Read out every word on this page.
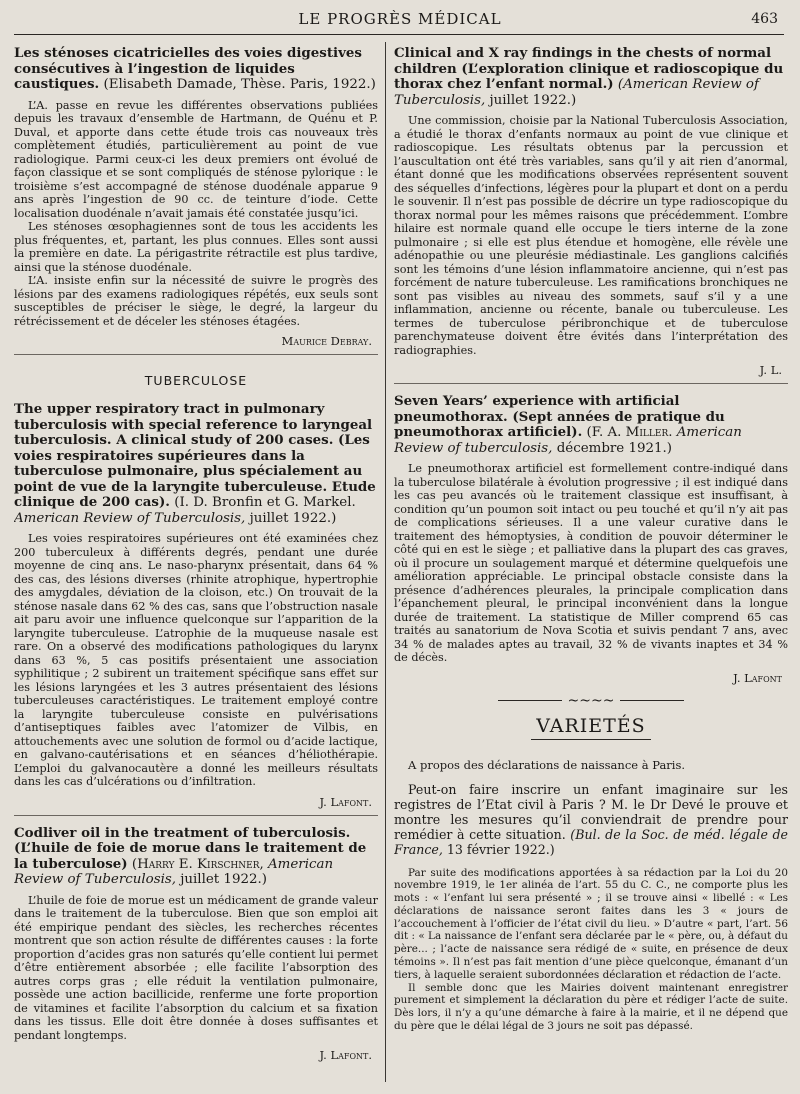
LE PROGRÈS MÉDICAL	463
Les sténoses cicatricielles des voies digestives consécutives à l’ingestion de liquides caustiques. (Elisabeth Damade, Thèse. Paris, 1922.)

L’A. passe en revue les différentes observations publiées depuis les travaux d’ensemble de Hartmann, de Quénu et P. Duval, et apporte dans cette étude trois cas nouveaux très complètement étudiés, particulièrement au point de vue radiologique. Parmi ceux-ci les deux premiers ont évolué de façon classique et se sont compliqués de sténose pylorique : le troisième s’est accompagné de sténose duodénale apparue 9 ans après l’ingestion de 90 cc. de teinture d’iode. Cette localisation duodénale n’avait jamais été constatée jusqu’ici.

Les sténoses œsophagiennes sont de tous les accidents les plus fréquentes, et, partant, les plus connues. Elles sont aussi la première en date. La périgastrite rétractile est plus tardive, ainsi que la sténose duodénale.

L’A. insiste enfin sur la nécessité de suivre le progrès des lésions par des examens radiologiques répétés, eux seuls sont susceptibles de préciser le siège, le degré, la largeur du rétrécissement et de déceler les sténoses étagées.

Maurice Debray.
TUBERCULOSE
The upper respiratory tract in pulmonary tuberculosis with special reference to laryngeal tuberculosis. A clinical study of 200 cases. (Les voies respiratoires supérieures dans la tuberculose pulmonaire, plus spécialement au point de vue de la laryngite tuberculeuse. Etude clinique de 200 cas). (I. D. Bronfin et G. Markel. American Review of Tuberculosis, juillet 1922.)

Les voies respiratoires supérieures ont été examinées chez 200 tuberculeux à différents degrés, pendant une durée moyenne de cinq ans. Le naso-pharynx présentait, dans 64 % des cas, des lésions diverses (rhinite atrophique, hypertrophie des amygdales, déviation de la cloison, etc.) On trouvait de la sténose nasale dans 62 % des cas, sans que l’obstruction nasale ait paru avoir une influence quelconque sur l’apparition de la laryngite tuberculeuse. L’atrophie de la muqueuse nasale est rare. On a observé des modifications pathologiques du larynx dans 63 %, 5 cas positifs présentaient une association syphilitique ; 2 subirent un traitement spécifique sans effet sur les lésions laryngées et les 3 autres présentaient des lésions tuberculeuses caractéristiques. Le traitement employé contre la laryngite tuberculeuse consiste en pulvérisations d’antiseptiques faibles avec l’atomizer de Vilbis, en attouchements avec une solution de formol ou d’acide lactique, en galvano-cautérisations et en séances d’héliothérapie. L’emploi du galvanocautère a donné les meilleurs résultats dans les cas d’ulcérations ou d’infiltration.

J. Lafont.
Codliver oil in the treatment of tuberculosis. (L’huile de foie de morue dans le traitement de la tuberculose) (Harry E. Kirschner, American Review of Tuberculosis, juillet 1922.)

L’huile de foie de morue est un médicament de grande valeur dans le traitement de la tuberculose. Bien que son emploi ait été empirique pendant des siècles, les recherches récentes montrent que son action résulte de différentes causes : la forte proportion d’acides gras non saturés qu’elle contient lui permet d’être entièrement absorbée ; elle facilite l’absorption des autres corps gras ; elle réduit la ventilation pulmonaire, possède une action bacillicide, renferme une forte proportion de vitamines et facilite l’absorption du calcium et sa fixation dans les tissus. Elle doit être donnée à doses suffisantes et pendant longtemps.

J. Lafont.
Clinical and X ray findings in the chests of normal children (L’exploration clinique et radioscopique du thorax chez l’enfant normal.) (American Review of Tuberculosis, juillet 1922.)

Une commission, choisie par la National Tuberculosis Association, a étudié le thorax d’enfants normaux au point de vue clinique et radioscopique. Les résultats obtenus par la percussion et l’auscultation ont été très variables, sans qu’il y ait rien d’anormal, étant donné que les modifications observées représentent souvent des séquelles d’infections, légères pour la plupart et dont on a perdu le souvenir. Il n’est pas possible de décrire un type radioscopique du thorax normal pour les mêmes raisons que précédemment. L’ombre hilaire est normale quand elle occupe le tiers interne de la zone pulmonaire ; si elle est plus étendue et homogène, elle révèle une adénopathie ou une pleurésie médiastinale. Les ganglions calcifiés sont les témoins d’une lésion inflammatoire ancienne, qui n’est pas forcément de nature tuberculeuse. Les ramifications bronchiques ne sont pas visibles au niveau des sommets, sauf s’il y a une inflammation, ancienne ou récente, banale ou tuberculeuse. Les termes de tuberculose péribronchique et de tuberculose parenchymateuse doivent être évités dans l’interprétation des radiographies.

J. L.
Seven Years’ experience with artificial pneumothorax. (Sept années de pratique du pneumothorax artificiel). (F. A. Miller. American Review of tuberculosis, décembre 1921.)

Le pneumothorax artificiel est formellement contre-indiqué dans la tuberculose bilatérale à évolution progressive ; il est indiqué dans les cas peu avancés où le traitement classique est insuffisant, à condition qu’un poumon soit intact ou peu touché et qu’il n’y ait pas de complications sérieuses. Il a une valeur curative dans le traitement des hémoptysies, à condition de pouvoir déterminer le côté qui en est le siège ; et palliative dans la plupart des cas graves, où il procure un soulagement marqué et détermine quelquefois une amélioration appréciable. Le principal obstacle consiste dans la présence d’adhérences pleurales, la principale complication dans l’épanchement pleural, le principal inconvénient dans la longue durée de traitement. La statistique de Miller comprend 65 cas traités au sanatorium de Nova Scotia et suivis pendant 7 ans, avec 34 % de malades aptes au travail, 32 % de vivants inaptes et 34 % de décès.

J. Lafont
~~~~
VARIETÉS
A propos des déclarations de naissance à Paris.
Peut-on faire inscrire un enfant imaginaire sur les registres de l’Etat civil à Paris ? M. le Dr Devé le prouve et montre les mesures qu’il conviendrait de prendre pour remédier à cette situation. (Bul. de la Soc. de méd. légale de France, 13 février 1922.)

Par suite des modifications apportées à sa rédaction par la Loi du 20 novembre 1919, le 1er alinéa de l’art. 55 du C. C., ne comporte plus les mots : « l’enfant lui sera présenté » ; il se trouve ainsi « libellé : « Les déclarations de naissance seront faites dans les 3 « jours de l’accouchement à l’officier de l’état civil du lieu. » D’autre « part, l’art. 56 dit : « La naissance de l’enfant sera déclarée par le « père, ou, à défaut du père... ; l’acte de naissance sera rédigé de « suite, en présence de deux témoins ». Il n’est pas fait mention d’une pièce quelconque, émanant d’un tiers, à laquelle seraient subordonnées déclaration et rédaction de l’acte.

Il semble donc que les Mairies doivent maintenant enregistrer purement et simplement la déclaration du père et rédiger l’acte de suite. Dès lors, il n’y a qu’une démarche à faire à la mairie, et il ne dépend que du père que le délai légal de 3 jours ne soit pas dépassé.
